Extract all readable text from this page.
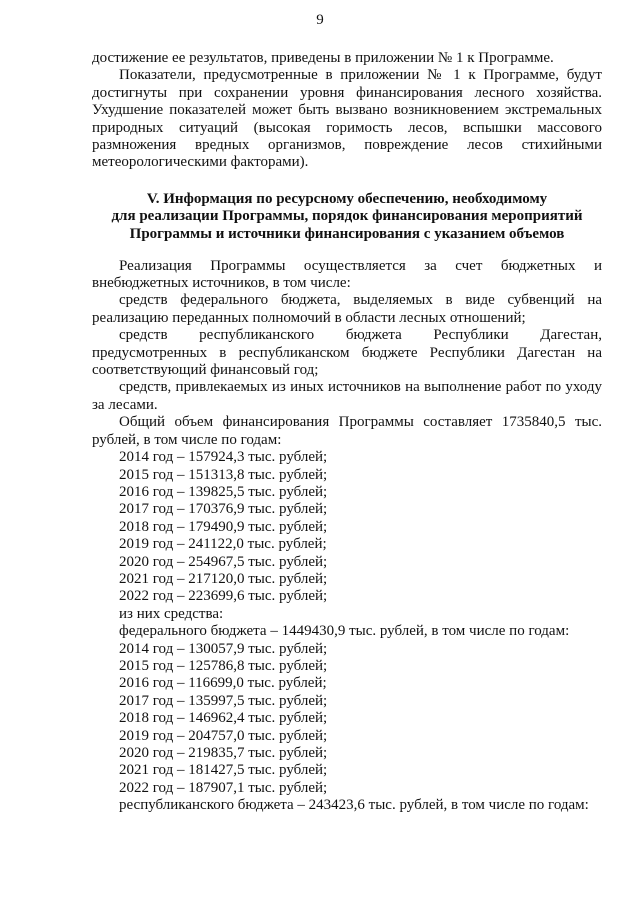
9

достижение ее результатов, приведены в приложении № 1 к Программе.

Показатели, предусмотренные в приложении № 1 к Программе, будут достигнуты при сохранении уровня финансирования лесного хозяйства. Ухудшение показателей может быть вызвано возникновением экстремальных природных ситуаций (высокая горимость лесов, вспышки массового размножения вредных организмов, повреждение лесов стихийными метеорологическими факторами).

V. Информация по ресурсному обеспечению, необходимому
для реализации Программы, порядок финансирования мероприятий
Программы и источники финансирования с указанием объемов

Реализация Программы осуществляется за счет бюджетных и внебюджетных источников, в том числе:

средств федерального бюджета, выделяемых в виде субвенций на реализацию переданных полномочий в области лесных отношений;

средств республиканского бюджета Республики Дагестан, предусмотренных в республиканском бюджете Республики Дагестан на соответствующий финансовый год;

средств, привлекаемых из иных источников на выполнение работ по уходу за лесами.

Общий объем финансирования Программы составляет 1735840,5 тыс. рублей, в том числе по годам:

2014 год – 157924,3 тыс. рублей;
2015 год – 151313,8 тыс. рублей;
2016 год – 139825,5 тыс. рублей;
2017 год – 170376,9 тыс. рублей;
2018 год – 179490,9 тыс. рублей;
2019 год – 241122,0 тыс. рублей;
2020 год – 254967,5 тыс. рублей;
2021 год – 217120,0 тыс. рублей;
2022 год – 223699,6 тыс. рублей;
из них средства:

федерального бюджета – 1449430,9 тыс. рублей, в том числе по годам:

2014 год – 130057,9 тыс. рублей;
2015 год – 125786,8 тыс. рублей;
2016 год – 116699,0 тыс. рублей;
2017 год – 135997,5 тыс. рублей;
2018 год – 146962,4 тыс. рублей;
2019 год – 204757,0 тыс. рублей;
2020 год – 219835,7 тыс. рублей;
2021 год – 181427,5 тыс. рублей;
2022 год – 187907,1 тыс. рублей;

республиканского бюджета – 243423,6 тыс. рублей, в том числе по годам:
